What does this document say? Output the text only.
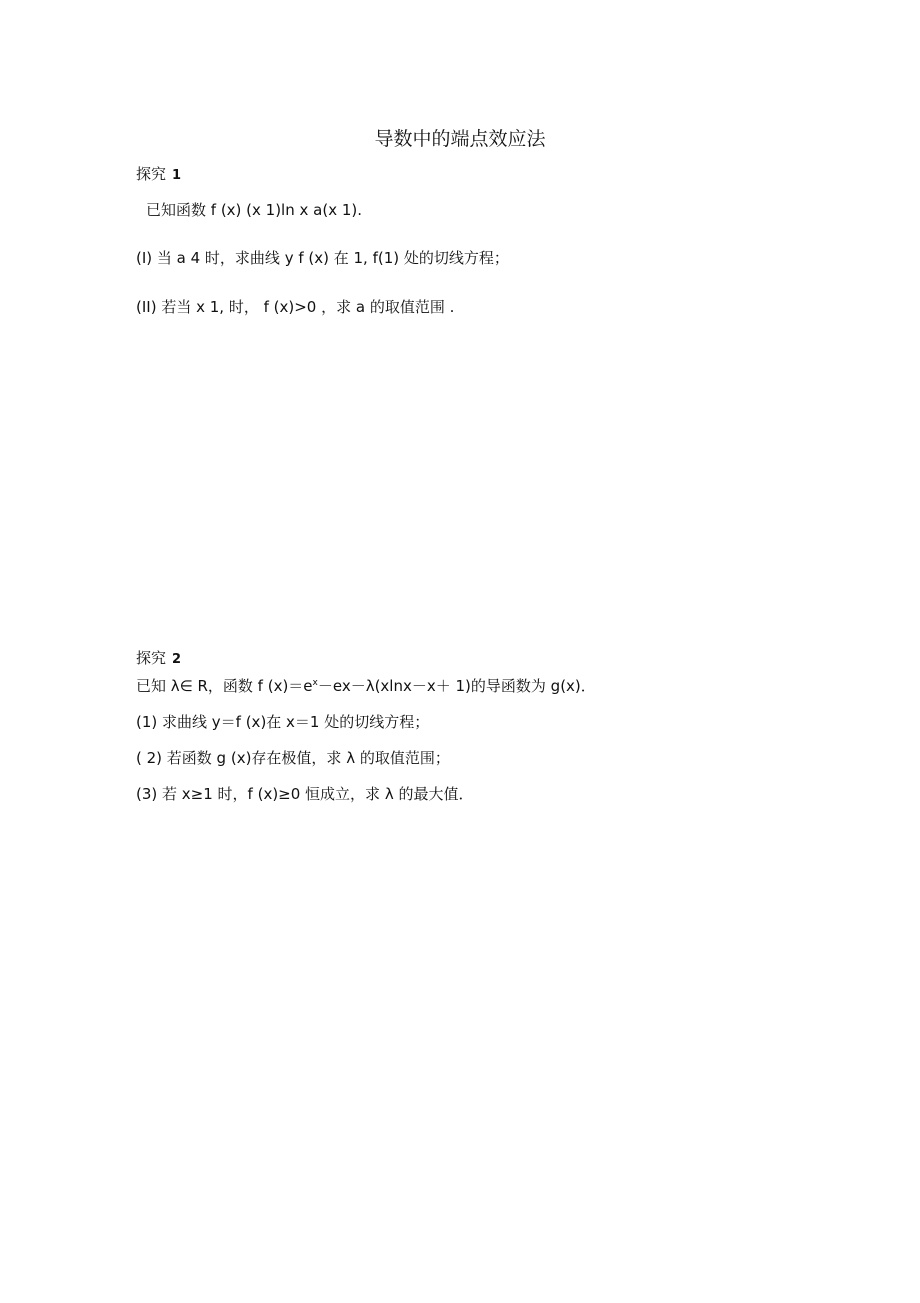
导数中的端点效应法
探究 1
已知函数 f (x) (x 1)ln x a(x 1).
(I) 当 a 4 时，求曲线 y f (x) 在 1, f(1) 处的切线方程；
(II) 若当 x 1, 时， f (x)>0 ，求 a 的取值范围 .
探究 2
已知 λ∈ R，函数 f $(x)=e^x-ex-\lambda(xlnx-x+ 1)$的导函数为 g(x)．
(1) 求曲线 y＝f (x)在 x＝1 处的切线方程；
( 2) 若函数 g (x)存在极值，求 λ 的取值范围；
(3) 若 x≥1 时，f (x)≥0 恒成立，求 λ 的最大值．
